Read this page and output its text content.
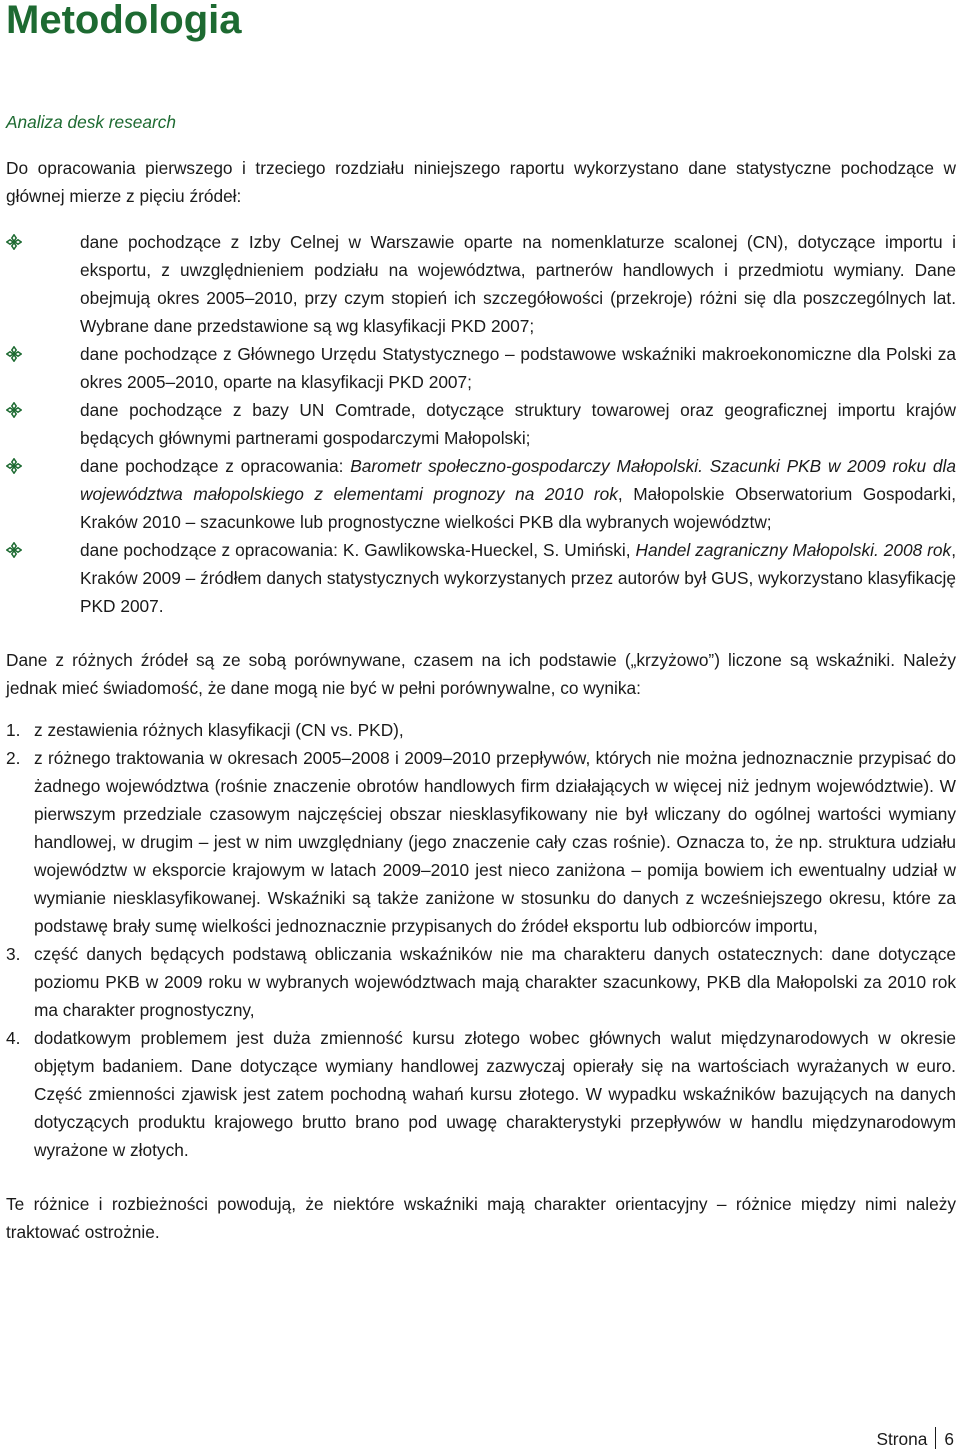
Metodologia

Analiza desk research

Do opracowania pierwszego i trzeciego rozdziału niniejszego raportu wykorzystano dane statystyczne pochodzące w głównej mierze z pięciu źródeł:

dane pochodzące z Izby Celnej w Warszawie oparte na nomenklaturze scalonej (CN), dotyczące importu i eksportu, z uwzględnieniem podziału na województwa, partnerów handlowych i przedmiotu wymiany. Dane obejmują okres 2005–2010, przy czym stopień ich szczegółowości (przekroje) różni się dla poszczególnych lat. Wybrane dane przedstawione są wg klasyfikacji PKD 2007;
dane pochodzące z Głównego Urzędu Statystycznego – podstawowe wskaźniki makroekonomiczne dla Polski za okres 2005–2010, oparte na klasyfikacji PKD 2007;
dane pochodzące z bazy UN Comtrade, dotyczące struktury towarowej oraz geograficznej importu krajów będących głównymi partnerami gospodarczymi Małopolski;
dane pochodzące z opracowania: Barometr społeczno-gospodarczy Małopolski. Szacunki PKB w 2009 roku dla województwa małopolskiego z elementami prognozy na 2010 rok, Małopolskie Obserwatorium Gospodarki, Kraków 2010 – szacunkowe lub prognostyczne wielkości PKB dla wybranych województw;
dane pochodzące z opracowania: K. Gawlikowska-Hueckel, S. Umiński, Handel zagraniczny Małopolski. 2008 rok, Kraków 2009 – źródłem danych statystycznych wykorzystanych przez autorów był GUS, wykorzystano klasyfikację PKD 2007.

Dane z różnych źródeł są ze sobą porównywane, czasem na ich podstawie („krzyżowo”) liczone są wskaźniki. Należy jednak mieć świadomość, że dane mogą nie być w pełni porównywalne, co wynika:

1. z zestawienia różnych klasyfikacji (CN vs. PKD),
2. z różnego traktowania w okresach 2005–2008 i 2009–2010 przepływów, których nie można jednoznacznie przypisać do żadnego województwa (rośnie znaczenie obrotów handlowych firm działających w więcej niż jednym województwie). W pierwszym przedziale czasowym najczęściej obszar niesklasyfikowany nie był wliczany do ogólnej wartości wymiany handlowej, w drugim – jest w nim uwzględniany (jego znaczenie cały czas rośnie). Oznacza to, że np. struktura udziału województw w eksporcie krajowym w latach 2009–2010 jest nieco zaniżona – pomija bowiem ich ewentualny udział w wymianie niesklasyfikowanej. Wskaźniki są także zaniżone w stosunku do danych z wcześniejszego okresu, które za podstawę brały sumę wielkości jednoznacznie przypisanych do źródeł eksportu lub odbiorców importu,
3. część danych będących podstawą obliczania wskaźników nie ma charakteru danych ostatecznych: dane dotyczące poziomu PKB w 2009 roku w wybranych województwach mają charakter szacunkowy, PKB dla Małopolski za 2010 rok ma charakter prognostyczny,
4. dodatkowym problemem jest duża zmienność kursu złotego wobec głównych walut międzynarodowych w okresie objętym badaniem. Dane dotyczące wymiany handlowej zazwyczaj opierały się na wartościach wyrażanych w euro. Część zmienności zjawisk jest zatem pochodną wahań kursu złotego. W wypadku wskaźników bazujących na danych dotyczących produktu krajowego brutto brano pod uwagę charakterystyki przepływów w handlu międzynarodowym wyrażone w złotych.

Te różnice i rozbieżności powodują, że niektóre wskaźniki mają charakter orientacyjny – różnice między nimi należy traktować ostrożnie.

Strona 6
